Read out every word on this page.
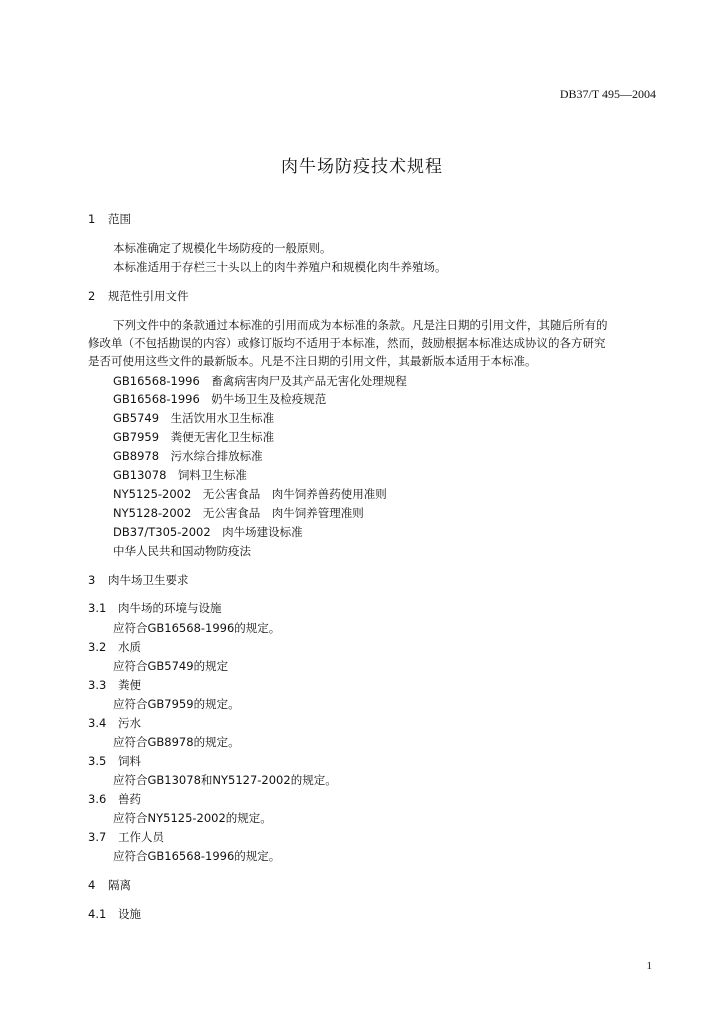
DB37/T 495—2004
肉牛场防疫技术规程
1 范围
本标准确定了规模化牛场防疫的一般原则。
本标准适用于存栏三十头以上的肉牛养殖户和规模化肉牛养殖场。
2 规范性引用文件
下列文件中的条款通过本标准的引用而成为本标准的条款。凡是注日期的引用文件，其随后所有的
修改单（不包括勘误的内容）或修订版均不适用于本标准，然而，鼓励根据本标准达成协议的各方研究
是否可使用这些文件的最新版本。凡是不注日期的引用文件，其最新版本适用于本标准。
GB16568-1996　畜禽病害肉尸及其产品无害化处理规程
GB16568-1996　奶牛场卫生及检疫规范
GB5749　生活饮用水卫生标准
GB7959　粪便无害化卫生标准
GB8978　污水综合排放标准
GB13078　饲料卫生标准
NY5125-2002　无公害食品　肉牛饲养兽药使用准则
NY5128-2002　无公害食品　肉牛饲养管理准则
DB37/T305-2002　肉牛场建设标准
中华人民共和国动物防疫法
3 肉牛场卫生要求
3.1 肉牛场的环境与设施
应符合GB16568-1996的规定。
3.2 水质
应符合GB5749的规定
3.3 粪便
应符合GB7959的规定。
3.4 污水
应符合GB8978的规定。
3.5 饲料
应符合GB13078和NY5127-2002的规定。
3.6 兽药
应符合NY5125-2002的规定。
3.7 工作人员
应符合GB16568-1996的规定。
4 隔离
4.1 设施
1
